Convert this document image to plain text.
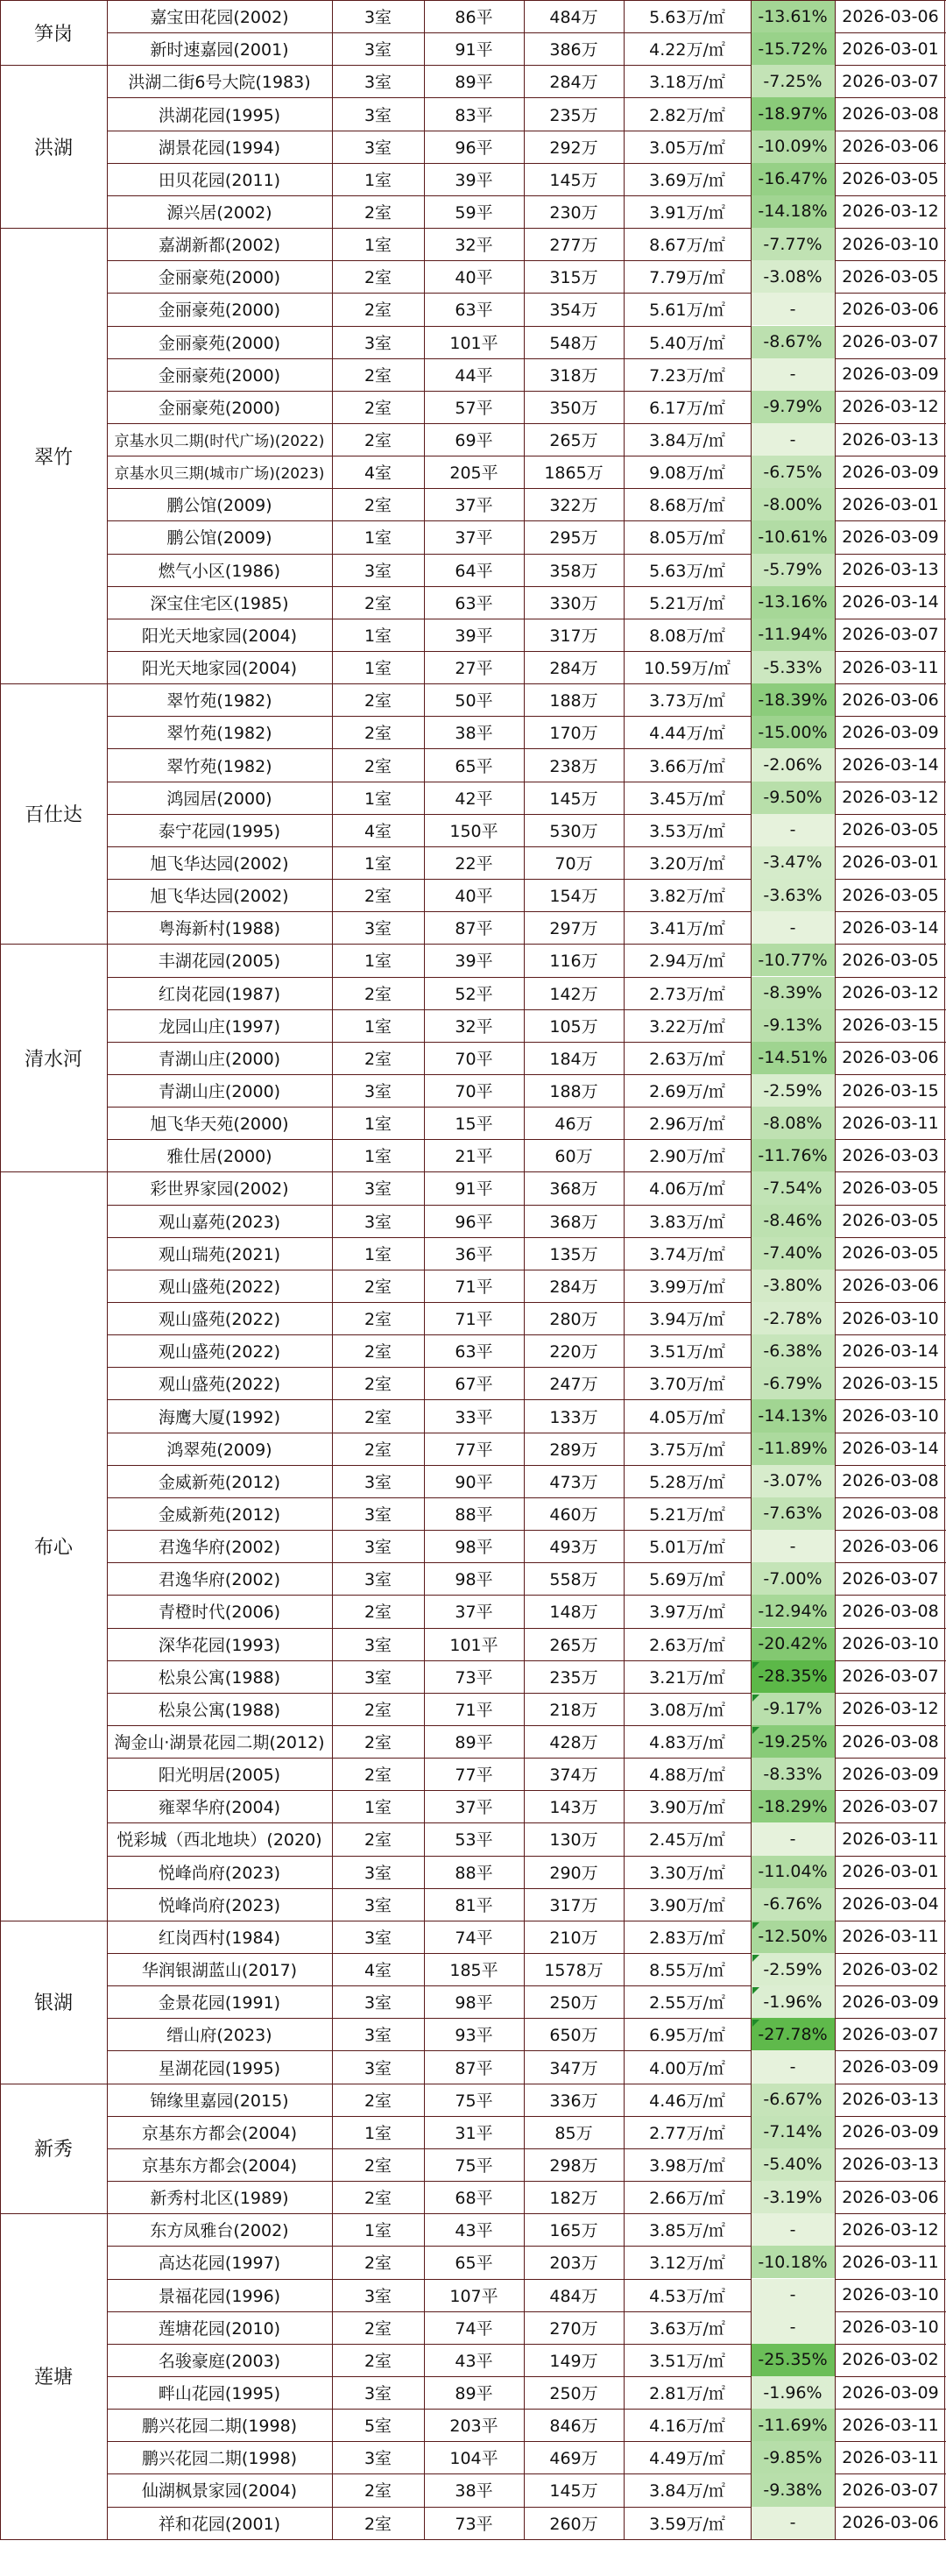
嘉宝田花园(2002)	3室	86平	484万	5.63万/㎡	-13.61% 2026-03-06
新时速嘉园(2001)	3室	91平	386万	4.22万/㎡	-15.72% 2026-03-01
笋岗
洪湖二街6号大院(1983)	3室	89平	284万	3.18万/㎡	-7.25%	2026-03-07
洪湖花园(1995)	3室	83平	235万	2.82万/㎡	-18.97% 2026-03-08
湖景花园(1994)	3室	96平	292万	3.05万/㎡	-10.09% 2026-03-06
田贝花园(2011)	1室	39平	145万	3.69万/㎡	-16.47% 2026-03-05
源兴居(2002)	2室	59平	230万	3.91万/㎡	-14.18% 2026-03-12
洪湖
嘉湖新都(2002)	1室	32平	277万	8.67万/㎡	-7.77%	2026-03-10
金丽豪苑(2000)	2室	40平	315万	7.79万/㎡	-3.08%	2026-03-05
金丽豪苑(2000)	2室	63平	354万	5.61万/㎡	-	2026-03-06
金丽豪苑(2000)	3室	101平	548万	5.40万/㎡	-8.67%	2026-03-07
金丽豪苑(2000)	2室	44平	318万	7.23万/㎡	-	2026-03-09
金丽豪苑(2000)	2室	57平	350万	6.17万/㎡	-9.79%	2026-03-12
京基水贝二期(时代广场)(2022)	2室	69平	265万	3.84万/㎡	-	2026-03-13
京基水贝三期(城市广场)(2023)	4室	205平	1865万	9.08万/㎡	-6.75%	2026-03-09
鹏公馆(2009)	2室	37平	322万	8.68万/㎡	-8.00%	2026-03-01
鹏公馆(2009)	1室	37平	295万	8.05万/㎡	-10.61% 2026-03-09
燃气小区(1986)	3室	64平	358万	5.63万/㎡	-5.79%	2026-03-13
深宝住宅区(1985)	2室	63平	330万	5.21万/㎡	-13.16% 2026-03-14
阳光天地家园(2004)	1室	39平	317万	8.08万/㎡	-11.94% 2026-03-07
阳光天地家园(2004)	1室	27平	284万	10.59万/㎡	-5.33%	2026-03-11
翠竹
翠竹苑(1982)	2室	50平	188万	3.73万/㎡	-18.39% 2026-03-06
翠竹苑(1982)	2室	38平	170万	4.44万/㎡	-15.00% 2026-03-09
翠竹苑(1982)	2室	65平	238万	3.66万/㎡	-2.06%	2026-03-14
鸿园居(2000)	1室	42平	145万	3.45万/㎡	-9.50%	2026-03-12
泰宁花园(1995)	4室	150平	530万	3.53万/㎡	-	2026-03-05
旭飞华达园(2002)	1室	22平	70万	3.20万/㎡	-3.47%	2026-03-01
旭飞华达园(2002)	2室	40平	154万	3.82万/㎡	-3.63%	2026-03-05
粤海新村(1988)	3室	87平	297万	3.41万/㎡	-	2026-03-14
百仕达
丰湖花园(2005)	1室	39平	116万	2.94万/㎡	-10.77% 2026-03-05
红岗花园(1987)	2室	52平	142万	2.73万/㎡	-8.39%	2026-03-12
龙园山庄(1997)	1室	32平	105万	3.22万/㎡	-9.13%	2026-03-15
青湖山庄(2000)	2室	70平	184万	2.63万/㎡	-14.51% 2026-03-06
青湖山庄(2000)	3室	70平	188万	2.69万/㎡	-2.59%	2026-03-15
旭飞华天苑(2000)	1室	15平	46万	2.96万/㎡	-8.08%	2026-03-11
雅仕居(2000)	1室	21平	60万	2.90万/㎡	-11.76% 2026-03-03
清水河
彩世界家园(2002)	3室	91平	368万	4.06万/㎡	-7.54%	2026-03-05
观山嘉苑(2023)	3室	96平	368万	3.83万/㎡	-8.46%	2026-03-05
观山瑞苑(2021)	1室	36平	135万	3.74万/㎡	-7.40%	2026-03-05
观山盛苑(2022)	2室	71平	284万	3.99万/㎡	-3.80%	2026-03-06
观山盛苑(2022)	2室	71平	280万	3.94万/㎡	-2.78%	2026-03-10
观山盛苑(2022)	2室	63平	220万	3.51万/㎡	-6.38%	2026-03-14
观山盛苑(2022)	2室	67平	247万	3.70万/㎡	-6.79%	2026-03-15
海鹰大厦(1992)	2室	33平	133万	4.05万/㎡	-14.13% 2026-03-10
鸿翠苑(2009)	2室	77平	289万	3.75万/㎡	-11.89% 2026-03-14
金威新苑(2012)	3室	90平	473万	5.28万/㎡	-3.07%	2026-03-08
金威新苑(2012)	3室	88平	460万	5.21万/㎡	-7.63%	2026-03-08
君逸华府(2002)	3室	98平	493万	5.01万/㎡	-	2026-03-06
君逸华府(2002)	3室	98平	558万	5.69万/㎡	-7.00%	2026-03-07
青橙时代(2006)	2室	37平	148万	3.97万/㎡	-12.94% 2026-03-08
深华花园(1993)	3室	101平	265万	2.63万/㎡	-20.42% 2026-03-10
松泉公寓(1988)	3室	73平	235万	3.21万/㎡	-28.35% 2026-03-07
松泉公寓(1988)	2室	71平	218万	3.08万/㎡	-9.17%	2026-03-12
淘金山·湖景花园二期(2012)	2室	89平	428万	4.83万/㎡	-19.25% 2026-03-08
阳光明居(2005)	2室	77平	374万	4.88万/㎡	-8.33%	2026-03-09
雍翠华府(2004)	1室	37平	143万	3.90万/㎡	-18.29% 2026-03-07
悦彩城（西北地块）(2020)	2室	53平	130万	2.45万/㎡	-	2026-03-11
悦峰尚府(2023)	3室	88平	290万	3.30万/㎡	-11.04% 2026-03-01
悦峰尚府(2023)	3室	81平	317万	3.90万/㎡	-6.76%	2026-03-04
布心
红岗西村(1984)	3室	74平	210万	2.83万/㎡	-12.50% 2026-03-11
华润银湖蓝山(2017)	4室	185平	1578万	8.55万/㎡	-2.59%	2026-03-02
金景花园(1991)	3室	98平	250万	2.55万/㎡	-1.96%	2026-03-09
缙山府(2023)	3室	93平	650万	6.95万/㎡	-27.78% 2026-03-07
星湖花园(1995)	3室	87平	347万	4.00万/㎡	-	2026-03-09
银湖
锦缘里嘉园(2015)	2室	75平	336万	4.46万/㎡	-6.67%	2026-03-13
京基东方都会(2004)	1室	31平	85万	2.77万/㎡	-7.14%	2026-03-09
京基东方都会(2004)	2室	75平	298万	3.98万/㎡	-5.40%	2026-03-13
新秀村北区(1989)	2室	68平	182万	2.66万/㎡	-3.19%	2026-03-06
新秀
东方凤雅台(2002)	1室	43平	165万	3.85万/㎡	-	2026-03-12
高达花园(1997)	2室	65平	203万	3.12万/㎡	-10.18% 2026-03-11
景福花园(1996)	3室	107平	484万	4.53万/㎡	-	2026-03-10
莲塘花园(2010)	2室	74平	270万	3.63万/㎡	-	2026-03-10
名骏豪庭(2003)	2室	43平	149万	3.51万/㎡	-25.35% 2026-03-02
畔山花园(1995)	3室	89平	250万	2.81万/㎡	-1.96%	2026-03-09
鹏兴花园二期(1998)	5室	203平	846万	4.16万/㎡	-11.69% 2026-03-11
鹏兴花园二期(1998)	3室	104平	469万	4.49万/㎡	-9.85%	2026-03-11
仙湖枫景家园(2004)	2室	38平	145万	3.84万/㎡	-9.38%	2026-03-07
祥和花园(2001)	2室	73平	260万	3.59万/㎡	-	2026-03-06
莲塘
